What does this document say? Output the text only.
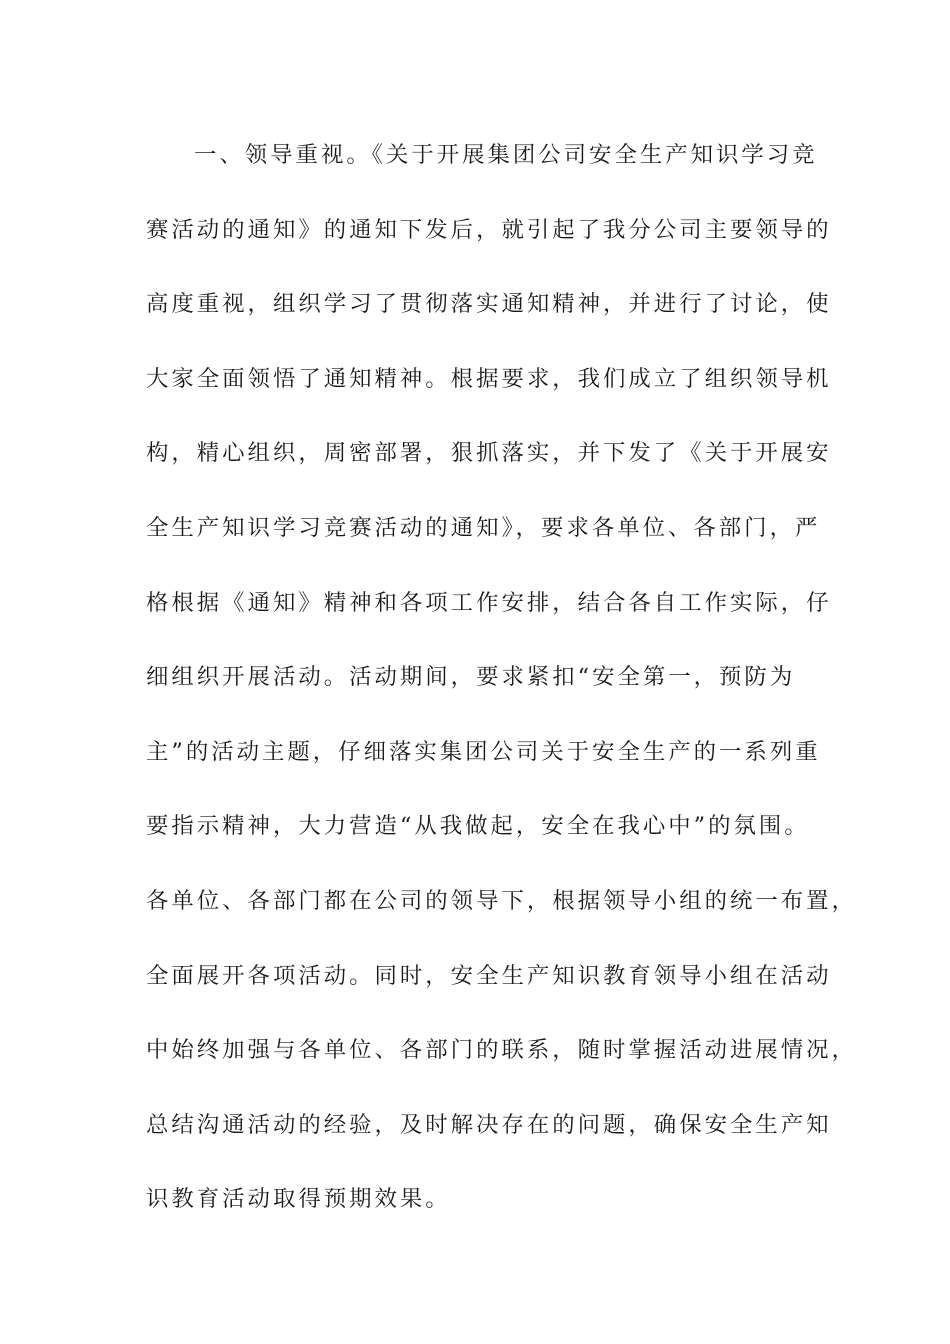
一、领导重视。《关于开展集团公司安全生产知识学习竞
赛活动的通知》的通知下发后，就引起了我分公司主要领导的
高度重视，组织学习了贯彻落实通知精神，并进行了讨论，使
大家全面领悟了通知精神。根据要求，我们成立了组织领导机
构，精心组织，周密部署，狠抓落实，并下发了《关于开展安
全生产知识学习竞赛活动的通知》，要求各单位、各部门，严
格根据《通知》精神和各项工作安排，结合各自工作实际，仔
细组织开展活动。活动期间，要求紧扣“安全第一，预防为
主”的活动主题，仔细落实集团公司关于安全生产的一系列重
要指示精神，大力营造“从我做起，安全在我心中”的氛围。
各单位、各部门都在公司的领导下，根据领导小组的统一布置，
全面展开各项活动。同时，安全生产知识教育领导小组在活动
中始终加强与各单位、各部门的联系，随时掌握活动进展情况，
总结沟通活动的经验，及时解决存在的问题，确保安全生产知
识教育活动取得预期效果。
